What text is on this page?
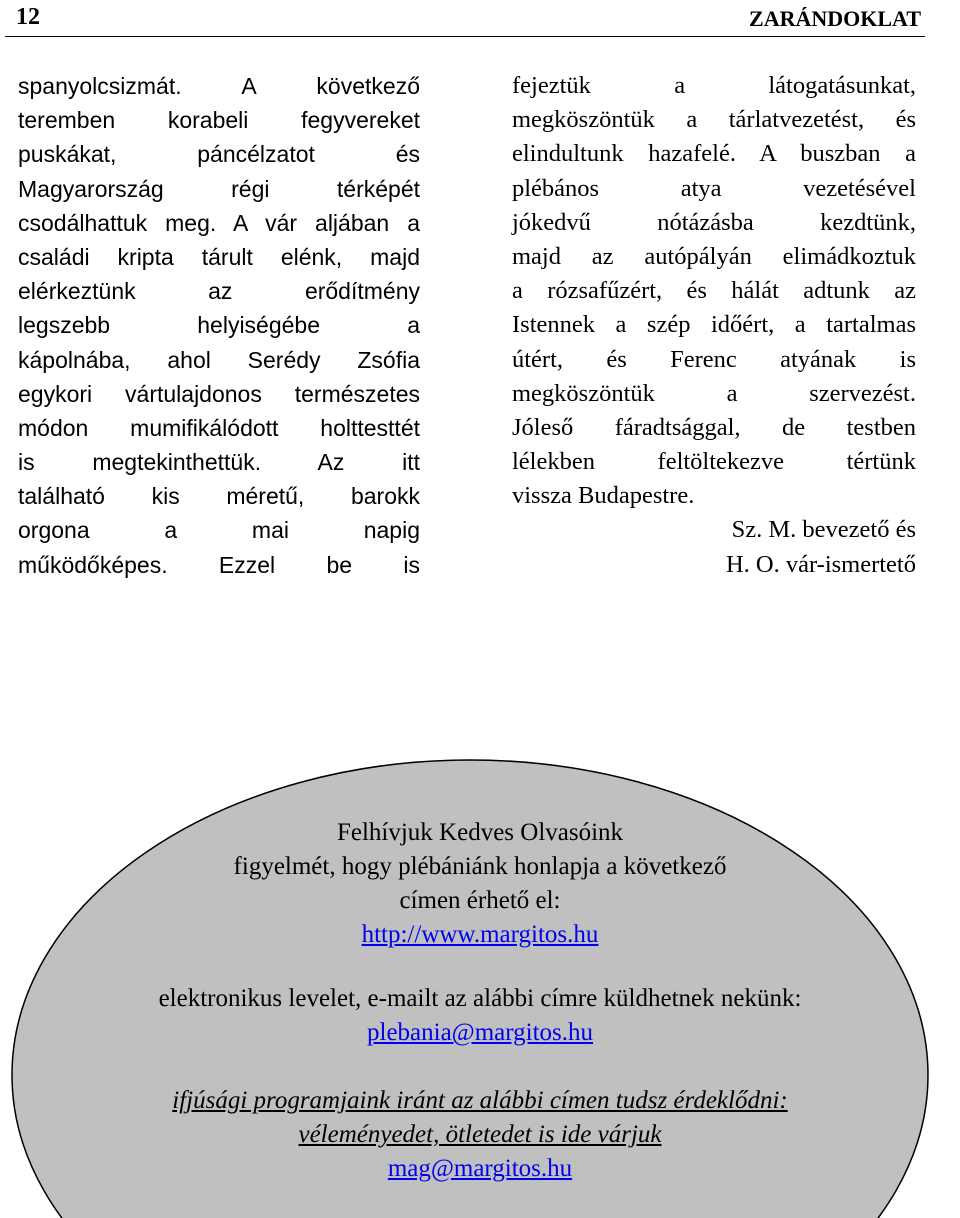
12	ZARÁNDOKLAT
spanyolcsizmát. A következő
teremben korabeli fegyvereket
puskákat, páncélzatot és
Magyarország régi térképét
csodálhattuk meg. A vár aljában a
családi kripta tárult elénk, majd
elérkeztünk az erődítmény
legszebb helyiségébe a
kápolnába, ahol Serédy Zsófia
egykori vártulajdonos természetes
módon mumifikálódott holttesttét
is megtekinthettük. Az itt
található kis méretű, barokk
orgona a mai napig
működőképes. Ezzel be is
fejeztük a látogatásunkat,
megköszöntük a tárlatvezetést, és
elindultunk hazafelé. A buszban a
plébános atya vezetésével
jókedvű nótázásba kezdtünk,
majd az autópályán elimádkoztuk
a rózsafűzért, és hálát adtunk az
Istennek a szép időért, a tartalmas
útért, és Ferenc atyának is
megköszöntük a szervezést.
Jóleső fáradtsággal, de testben
lélekben feltöltekezve tértünk
vissza Budapestre.
Sz. M. bevezető és
H. O. vár-ismertető
Felhívjuk Kedves Olvasóink
figyelmét, hogy plébániánk honlapja a következő
címen érhető el:
http://www.margitos.hu
elektronikus levelet, e-mailt az alábbi címre küldhetnek nekünk:
plebania@margitos.hu
ifjúsági programjaink iránt az alábbi címen tudsz érdeklődni:
véleményedet, ötletedet is ide várjuk
mag@margitos.hu
